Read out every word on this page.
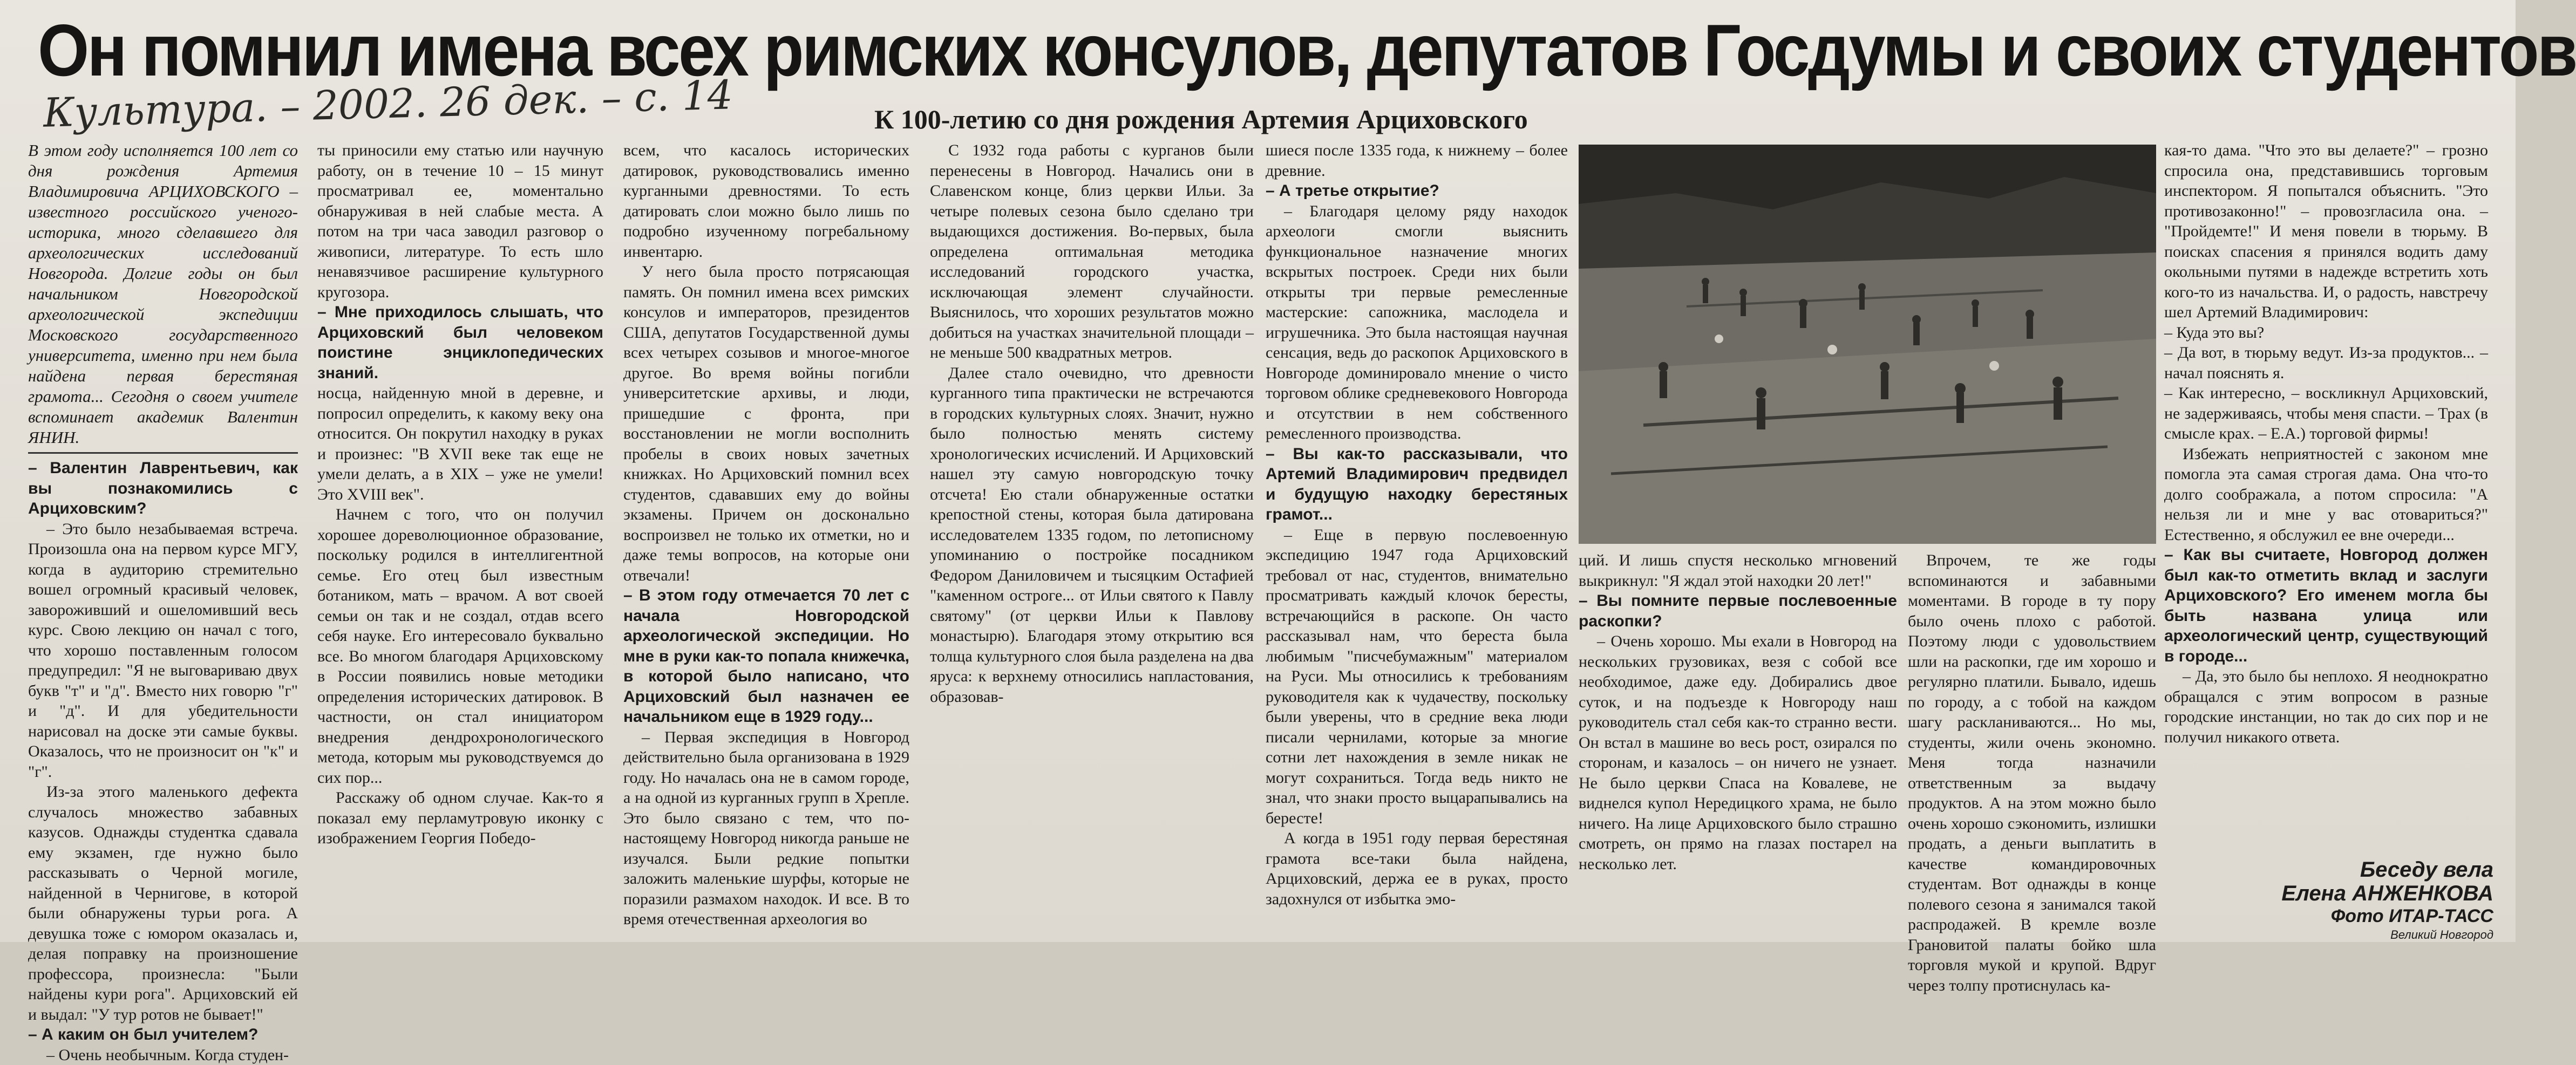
Он помнил имена всех римских консулов, депутатов Госдумы и своих студентов
Культура. – 2002. 26 дек. – с. 14	К 100-летию со дня рождения Артемия Арциховского

В этом году исполняется 100 лет со дня рождения Артемия Владимировича АРЦИХОВСКОГО – известного российского ученого-историка, много сделавшего для археологических исследований Новгорода. Долгие годы он был начальником Новгородской археологической экспедиции Московского государственного университета, именно при нем была найдена первая берестяная грамота... Сегодня о своем учителе вспоминает академик Валентин ЯНИН.

– Валентин Лаврентьевич, как вы познакомились с Арциховским?

– Это было незабываемая встреча. Произошла она на первом курсе МГУ, когда в аудиторию стремительно вошел огромный красивый человек, завороживший и ошеломивший весь курс. Свою лекцию он начал с того, что хорошо поставленным голосом предупредил: "Я не выговариваю двух букв "т" и "д". Вместо них говорю "г" и "д". И для убедительности нарисовал на доске эти самые буквы. Оказалось, что не произносит он "к" и "г".

Из-за этого маленького дефекта случалось множество забавных казусов. Однажды студентка сдавала ему экзамен, где нужно было рассказывать о Черной могиле, найденной в Чернигове, в которой были обнаружены турьи рога. А девушка тоже с юмором оказалась и, делая поправку на произношение профессора, произнесла: "Были найдены кури рога". Арциховский ей и выдал: "У тур ротов не бывает!"

– А каким он был учителем?

– Очень необычным. Когда студен-

ты приносили ему статью или научную работу, он в течение 10 – 15 минут просматривал ее, моментально обнаруживая в ней слабые места. А потом на три часа заводил разговор о живописи, литературе. То есть шло ненавязчивое расширение культурного кругозора.

– Мне приходилось слышать, что Арциховский был человеком поистине энциклопедических знаний.

носца, найденную мной в деревне, и попросил определить, к какому веку она относится. Он покрутил находку в руках и произнес: "В XVII веке так еще не умели делать, а в XIX – уже не умели! Это XVIII век".

Начнем с того, что он получил хорошее дореволюционное образование, поскольку родился в интеллигентной семье. Его отец был известным ботаником, мать – врачом. А вот своей семьи он так и не создал, отдав всего себя науке. Его интересовало буквально все. Во многом благодаря Арциховскому в России появились новые методики определения исторических датировок. В частности, он стал инициатором внедрения дендрохронологического метода, которым мы руководствуемся до сих пор...

Расскажу об одном случае. Как-то я показал ему перламутровую иконку с изображением Георгия Победо-

всем, что касалось исторических датировок, руководствовались именно курганными древностями. То есть датировать слои можно было лишь по подробно изученному погребальному инвентарю.

У него была просто потрясающая память. Он помнил имена всех римских консулов и императоров, президентов США, депутатов Государственной думы всех четырех созывов и многое-многое другое. Во время войны погибли университетские архивы, и люди, пришедшие с фронта, при восстановлении не могли восполнить пробелы в своих новых зачетных книжках. Но Арциховский помнил всех студентов, сдававших ему до войны экзамены. Причем он досконально воспроизвел не только их отметки, но и даже темы вопросов, на которые они отвечали!

– В этом году отмечается 70 лет с начала Новгородской археологической экспедиции. Но мне в руки как-то попала книжечка, в которой было написано, что Арциховский был назначен ее начальником еще в 1929 году...

– Первая экспедиция в Новгород действительно была организована в 1929 году. Но началась она не в самом городе, а на одной из курганных групп в Хрепле. Это было связано с тем, что по-настоящему Новгород никогда раньше не изучался. Были редкие попытки заложить маленькие шурфы, которые не поразили размахом находок. И все. В то время отечественная археология во

С 1932 года работы с курганов были перенесены в Новгород. Начались они в Славенском конце, близ церкви Ильи. За четыре полевых сезона было сделано три выдающихся достижения. Во-первых, была определена оптимальная методика исследований городского участка, исключающая элемент случайности. Выяснилось, что хороших результатов можно добиться на участках значительной площади – не меньше 500 квадратных метров.

Далее стало очевидно, что древности курганного типа практически не встречаются в городских культурных слоях. Значит, нужно было полностью менять систему хронологических исчислений. И Арциховский нашел эту самую новгородскую точку отсчета! Ею стали обнаруженные остатки крепостной стены, которая была датирована исследователем 1335 годом, по летописному упоминанию о постройке посадником Федором Даниловичем и тысяцким Остафией "каменном остроге... от Ильи святого к Павлу святому" (от церкви Ильи к Павлову монастырю). Благодаря этому открытию вся толща культурного слоя была разделена на два яруса: к верхнему относились напластования, образовав-

шиеся после 1335 года, к нижнему – более древние.

– А третье открытие?

– Благодаря целому ряду находок археологи смогли выяснить функциональное назначение многих вскрытых построек. Среди них были открыты три первые ремесленные мастерские: сапожника, маслодела и игрушечника. Это была настоящая научная сенсация, ведь до раскопок Арциховского в Новгороде доминировало мнение о чисто торговом облике средневекового Новгорода и отсутствии в нем собственного ремесленного производства.

– Вы как-то рассказывали, что Артемий Владимирович предвидел и будущую находку берестяных грамот...

– Еще в первую послевоенную экспедицию 1947 года Арциховский требовал от нас, студентов, внимательно просматривать каждый клочок бересты, встречающийся в раскопе. Он часто рассказывал нам, что береста была любимым "писчебумажным" материалом на Руси. Мы относились к требованиям руководителя как к чудачеству, поскольку были уверены, что в средние века люди писали чернилами, которые за многие сотни лет нахождения в земле никак не могут сохраниться. Тогда ведь никто не знал, что знаки просто выцарапывались на бересте!

А когда в 1951 году первая берестяная грамота все-таки была найдена, Арциховский, держа ее в руках, просто задохнулся от избытка эмо-

ций. И лишь спустя несколько мгновений выкрикнул: "Я ждал этой находки 20 лет!"

– Вы помните первые послевоенные раскопки?

– Очень хорошо. Мы ехали в Новгород на нескольких грузовиках, везя с собой все необходимое, даже еду. Добирались двое суток, и на подъезде к Новгороду наш руководитель стал себя как-то странно вести. Он встал в машине во весь рост, озирался по сторонам, и казалось – он ничего не узнает. Не было церкви Спаса на Ковалеве, не виднелся купол Нередицкого храма, не было ничего. На лице Арциховского было страшно смотреть, он прямо на глазах постарел на несколько лет.

Впрочем, те же годы вспоминаются и забавными моментами. В городе в ту пору было очень плохо с работой. Поэтому люди с удовольствием шли на раскопки, где им хорошо и регулярно платили. Бывало, идешь по городу, а с тобой на каждом шагу раскланиваются... Но мы, студенты, жили очень экономно. Меня тогда назначили ответственным за выдачу продуктов. А на этом можно было очень хорошо сэкономить, излишки продать, а деньги выплатить в качестве командировочных студентам. Вот однажды в конце полевого сезона я занимался такой распродажей. В кремле возле Грановитой палаты бойко шла торговля мукой и крупой. Вдруг через толпу протиснулась ка-

кая-то дама. "Что это вы делаете?" – грозно спросила она, представившись торговым инспектором. Я попытался объяснить. "Это противозаконно!" – провозгласила она. – "Пройдемте!" И меня повели в тюрьму. В поисках спасения я принялся водить даму окольными путями в надежде встретить хоть кого-то из начальства. И, о радость, навстречу шел Артемий Владимирович:

– Куда это вы?

– Да вот, в тюрьму ведут. Из-за продуктов... – начал пояснять я.

– Как интересно, – воскликнул Арциховский, не задерживаясь, чтобы меня спасти. – Трах (в смысле крах. – Е.А.) торговой фирмы!

Избежать неприятностей с законом мне помогла эта самая строгая дама. Она что-то долго соображала, а потом спросила: "А нельзя ли и мне у вас отовариться?" Естественно, я обслужил ее вне очереди...

– Как вы считаете, Новгород должен был как-то отметить вклад и заслуги Арциховского? Его именем могла бы быть названа улица или археологический центр, существующий в городе...

– Да, это было бы неплохо. Я неоднократно обращался с этим вопросом в разные городские инстанции, но так до сих пор и не получил никакого ответа.

Беседу вела
Елена АНЖЕНКОВА
Фото ИТАР-ТАСС
Великий Новгород
